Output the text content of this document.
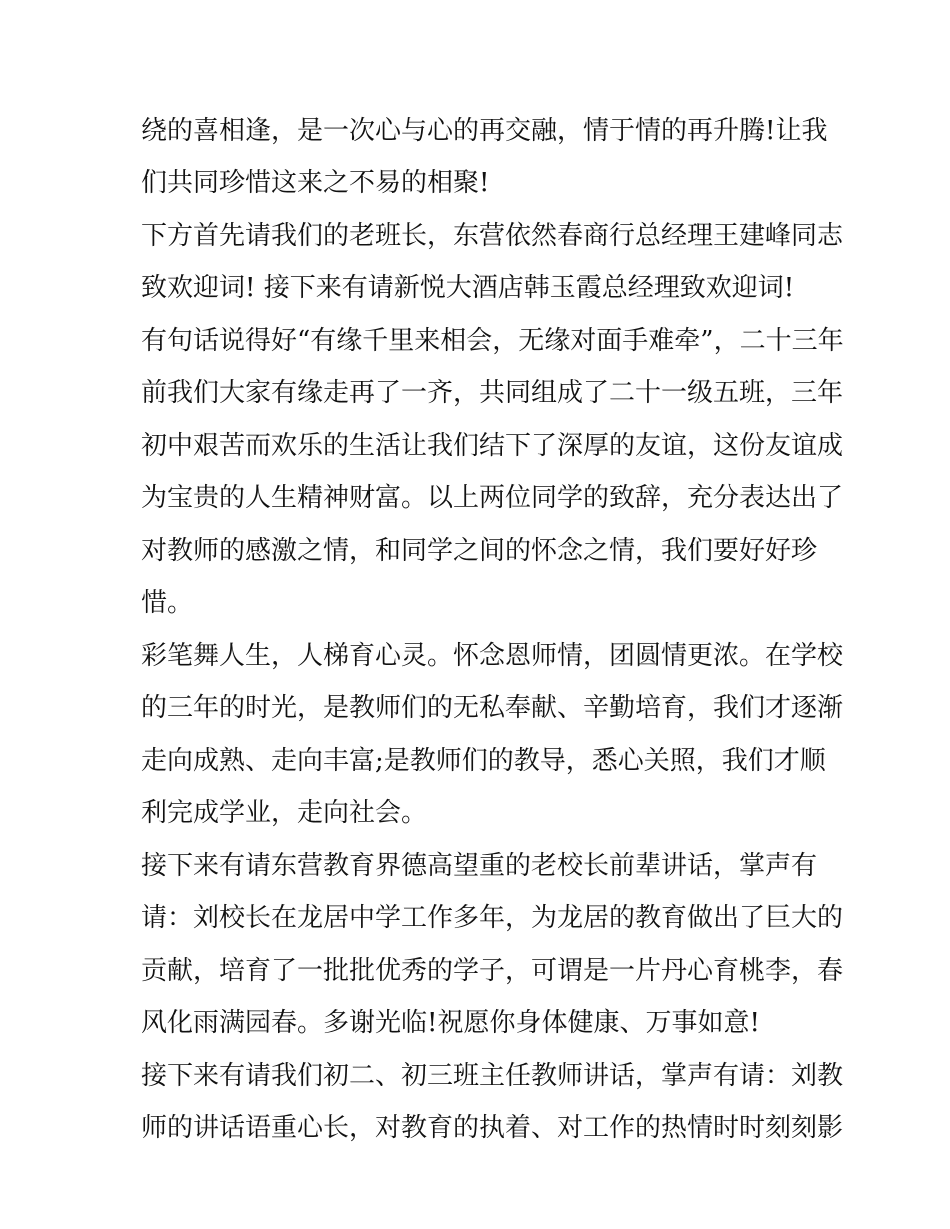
绕的喜相逢，是一次心与心的再交融，情于情的再升腾!让我
们共同珍惜这来之不易的相聚!
下方首先请我们的老班长，东营依然春商行总经理王建峰同志
致欢迎词! 接下来有请新悦大酒店韩玉霞总经理致欢迎词!
有句话说得好“有缘千里来相会，无缘对面手难牵”，二十三年
前我们大家有缘走再了一齐，共同组成了二十一级五班，三年
初中艰苦而欢乐的生活让我们结下了深厚的友谊，这份友谊成
为宝贵的人生精神财富。以上两位同学的致辞，充分表达出了
对教师的感激之情，和同学之间的怀念之情，我们要好好珍
惜。
彩笔舞人生，人梯育心灵。怀念恩师情，团圆情更浓。在学校
的三年的时光，是教师们的无私奉献、辛勤培育，我们才逐渐
走向成熟、走向丰富;是教师们的教导，悉心关照，我们才顺
利完成学业，走向社会。
接下来有请东营教育界德高望重的老校长前辈讲话，掌声有
请：刘校长在龙居中学工作多年，为龙居的教育做出了巨大的
贡献，培育了一批批优秀的学子，可谓是一片丹心育桃李，春
风化雨满园春。多谢光临!祝愿你身体健康、万事如意!
接下来有请我们初二、初三班主任教师讲话，掌声有请：刘教
师的讲话语重心长，对教育的执着、对工作的热情时时刻刻影
